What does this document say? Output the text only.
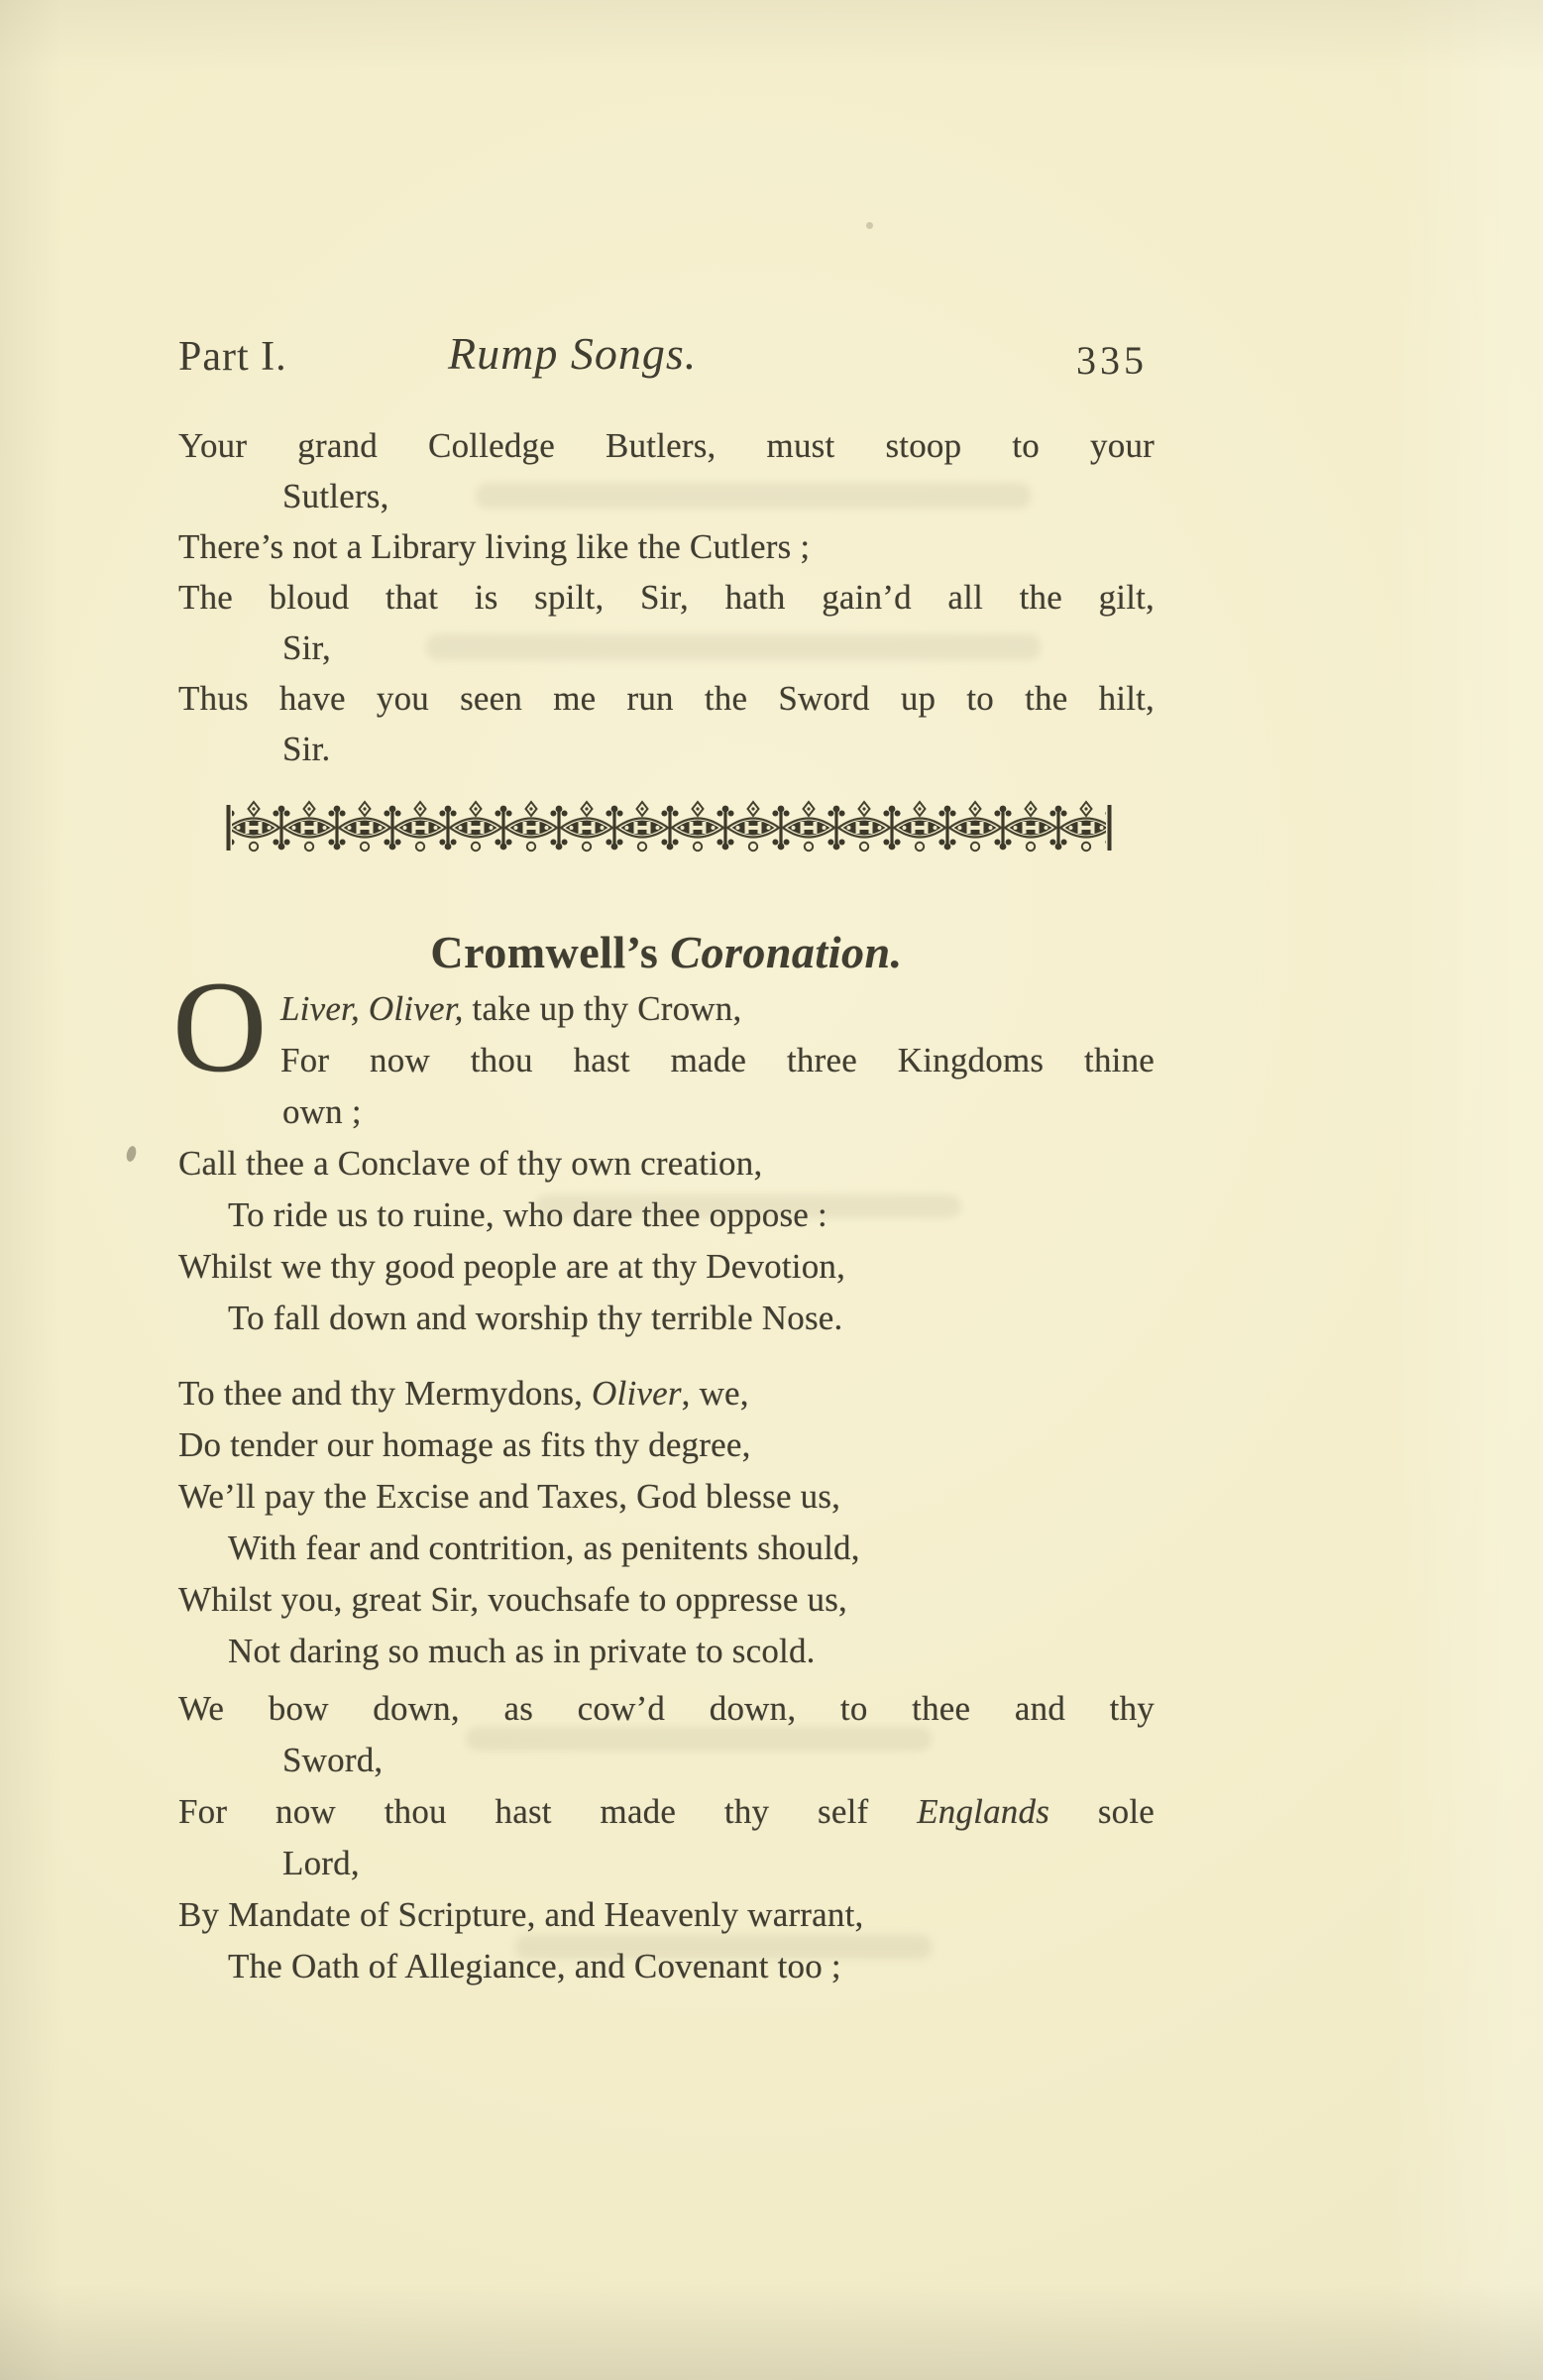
Part I.	Rump Songs.	335
Your grand Colledge Butlers, must stoop to your
Sutlers,
There’s not a Library living like the Cutlers ;
The bloud that is spilt, Sir, hath gain’d all the gilt,
Sir,
Thus have you seen me run the Sword up to the hilt,
Sir.
Cromwell’s Coronation.
O Liver, Oliver, take up thy Crown,
For now thou hast made three Kingdoms thine
own ;
Call thee a Conclave of thy own creation,
To ride us to ruine, who dare thee oppose :
Whilst we thy good people are at thy Devotion,
To fall down and worship thy terrible Nose.
To thee and thy Mermydons, Oliver, we,
Do tender our homage as fits thy degree,
We’ll pay the Excise and Taxes, God blesse us,
With fear and contrition, as penitents should,
Whilst you, great Sir, vouchsafe to oppresse us,
Not daring so much as in private to scold.
We bow down, as cow’d down, to thee and thy
Sword,
For now thou hast made thy self Englands sole
Lord,
By Mandate of Scripture, and Heavenly warrant,
The Oath of Allegiance, and Covenant too ;
